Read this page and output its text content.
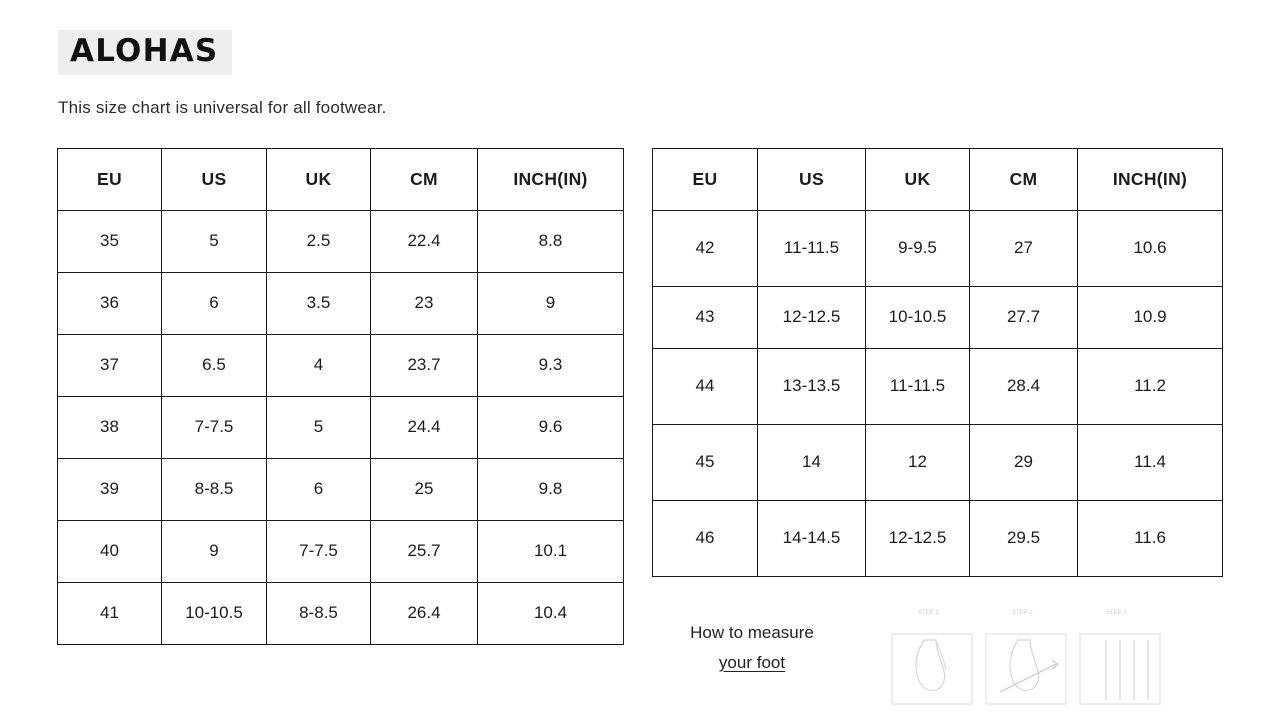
ALOHAS
This size chart is universal for all footwear.
EU	US	UK	CM	INCH(IN)
35	5	2.5	22.4	8.8
36	6	3.5	23	9
37	6.5	4	23.7	9.3
38	7-7.5	5	24.4	9.6
39	8-8.5	6	25	9.8
40	9	7-7.5	25.7	10.1
41	10-10.5	8-8.5	26.4	10.4
EU	US	UK	CM	INCH(IN)
42	11-11.5	9-9.5	27	10.6
43	12-12.5	10-10.5	27.7	10.9
44	13-13.5	11-11.5	28.4	11.2
45	14	12	29	11.4
46	14-14.5	12-12.5	29.5	11.6
How to measure
your foot
STEP 1	STEP 2	STEP 3
